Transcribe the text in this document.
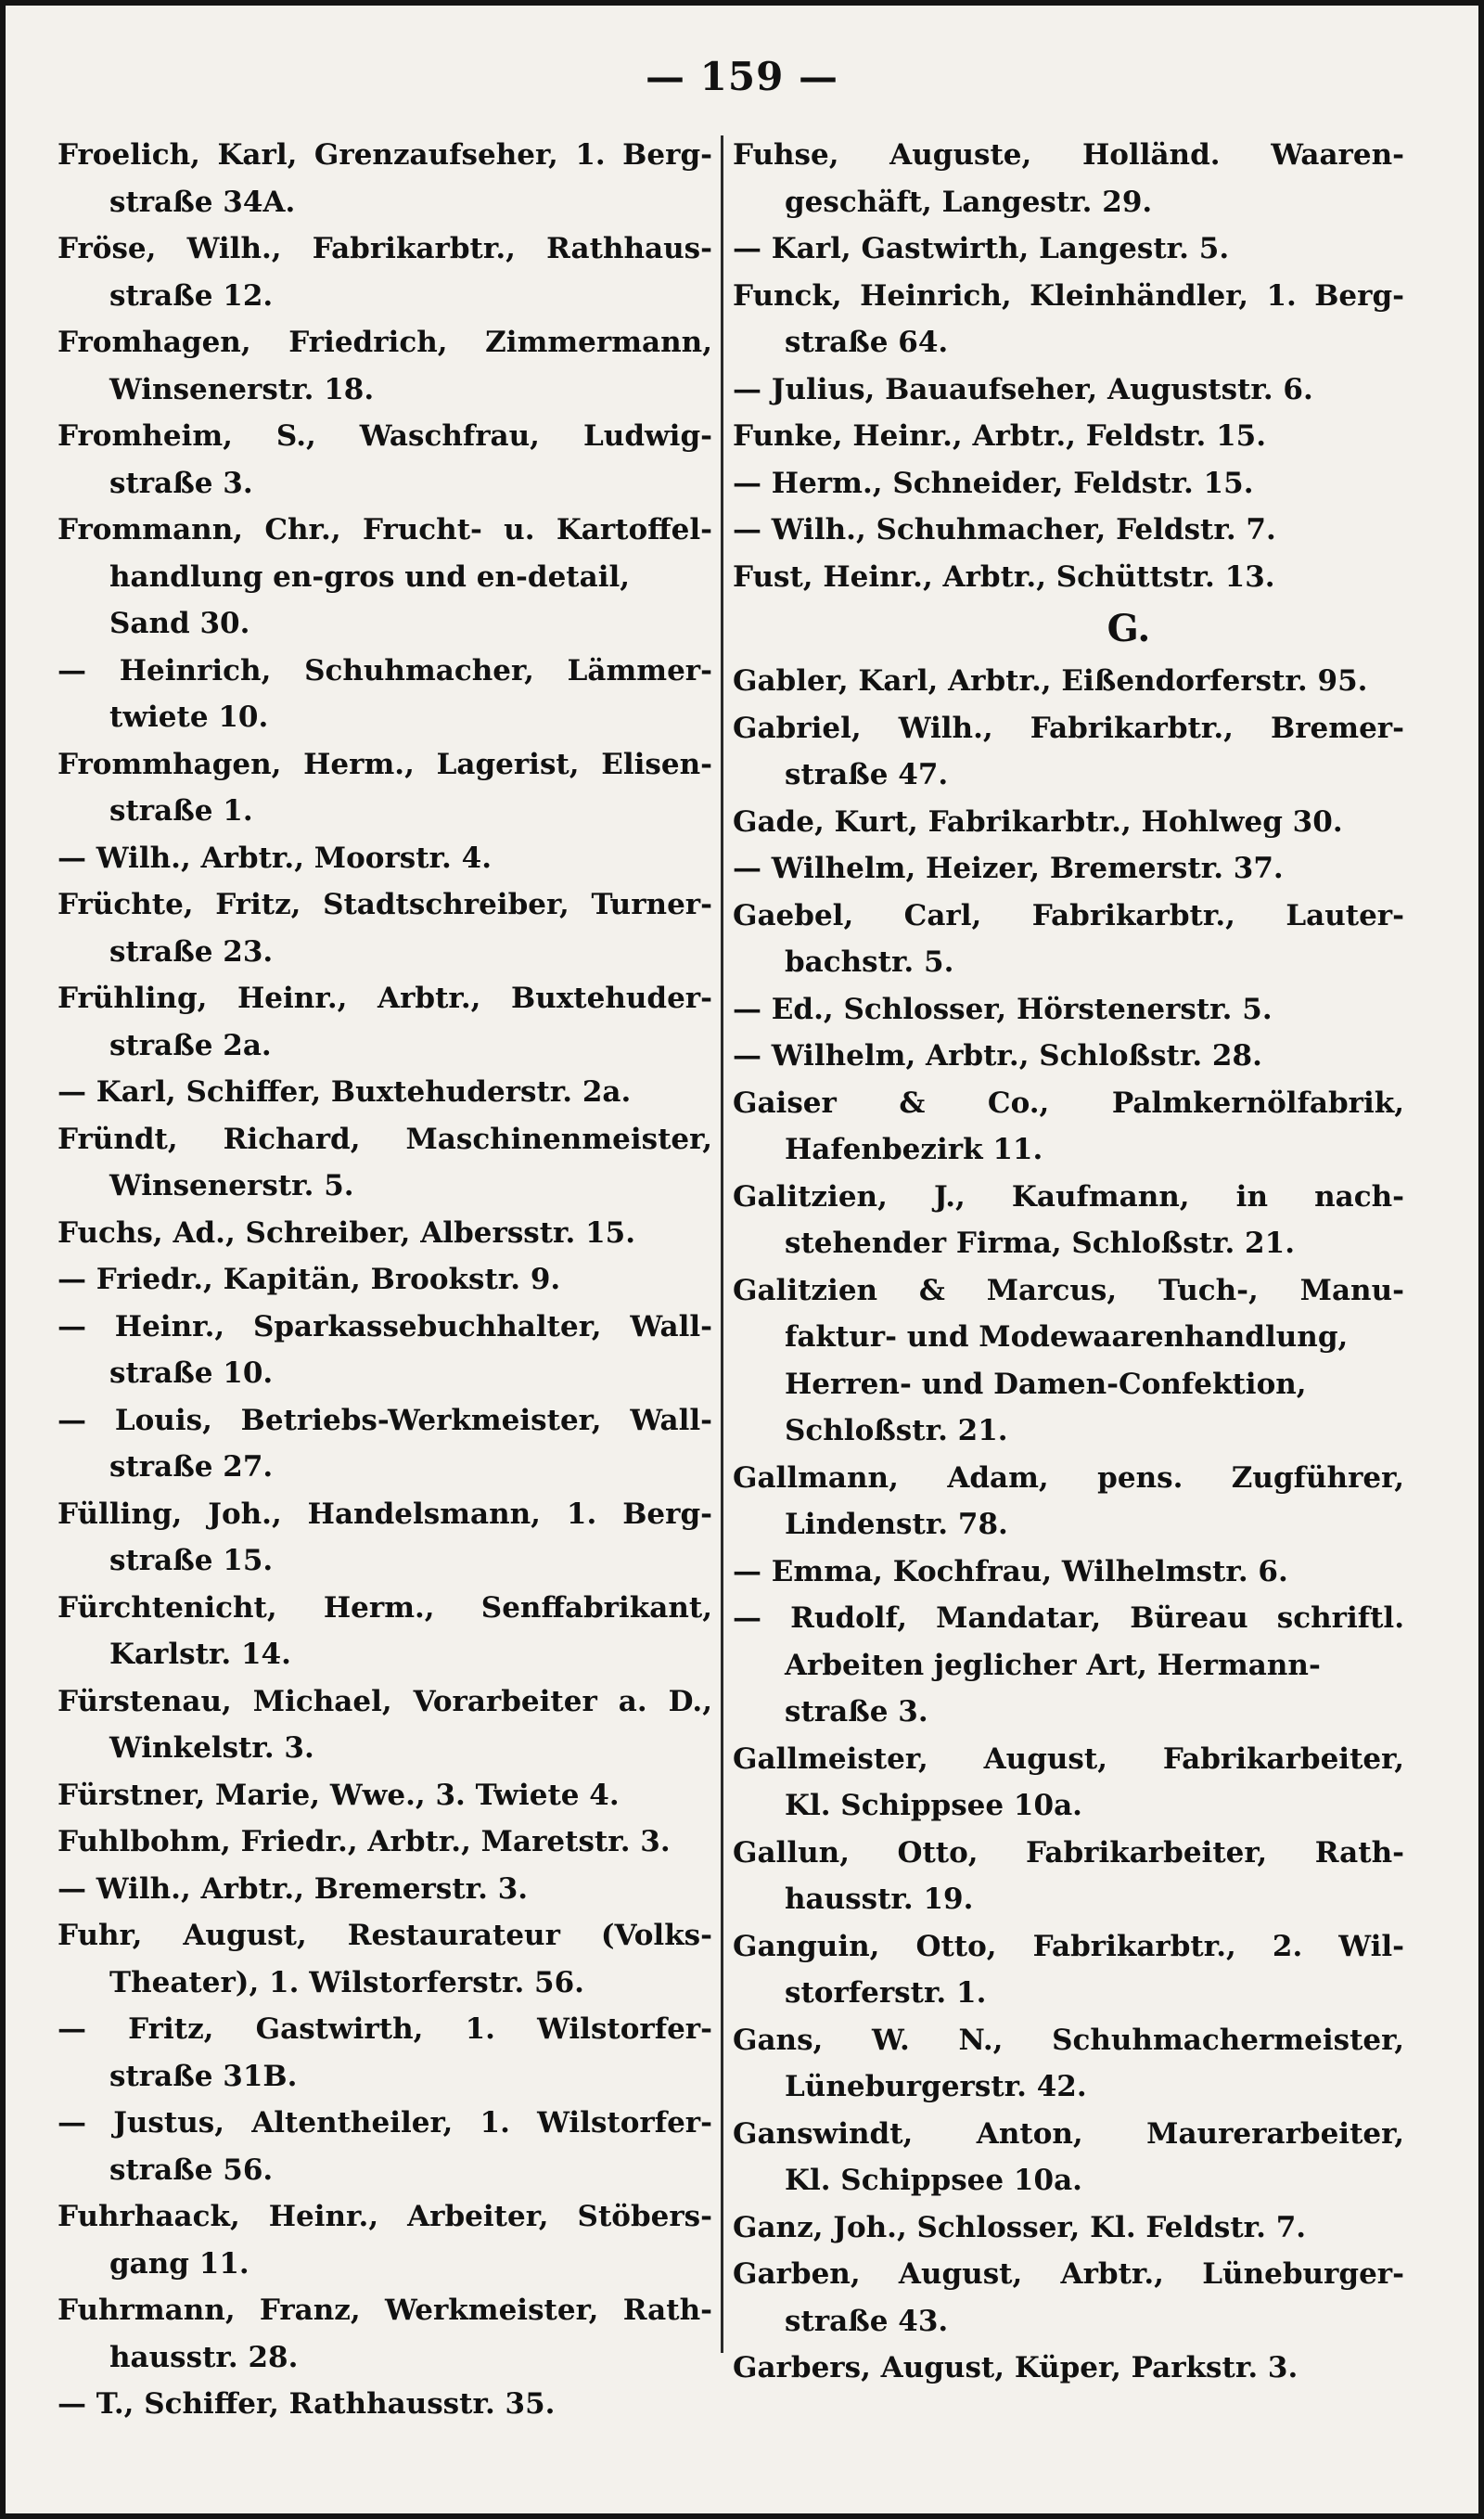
— 159 —
Froelich, Karl, Grenzaufseher, 1. Berg-
straße 34A.
Fröse, Wilh., Fabrikarbtr., Rathhaus-
straße 12.
Fromhagen, Friedrich, Zimmermann,
Winsenerstr. 18.
Fromheim, S., Waschfrau, Ludwig-
straße 3.
Frommann, Chr., Frucht- u. Kartoffel-
handlung en-gros und en-detail,
Sand 30.
— Heinrich, Schuhmacher, Lämmer-
twiete 10.
Frommhagen, Herm., Lagerist, Elisen-
straße 1.
— Wilh., Arbtr., Moorstr. 4.
Früchte, Fritz, Stadtschreiber, Turner-
straße 23.
Frühling, Heinr., Arbtr., Buxtehuder-
straße 2a.
— Karl, Schiffer, Buxtehuderstr. 2a.
Fründt, Richard, Maschinenmeister,
Winsenerstr. 5.
Fuchs, Ad., Schreiber, Albersstr. 15.
— Friedr., Kapitän, Brookstr. 9.
— Heinr., Sparkassebuchhalter, Wall-
straße 10.
— Louis, Betriebs-Werkmeister, Wall-
straße 27.
Fülling, Joh., Handelsmann, 1. Berg-
straße 15.
Fürchtenicht, Herm., Senffabrikant,
Karlstr. 14.
Fürstenau, Michael, Vorarbeiter a. D.,
Winkelstr. 3.
Fürstner, Marie, Wwe., 3. Twiete 4.
Fuhlbohm, Friedr., Arbtr., Maretstr. 3.
— Wilh., Arbtr., Bremerstr. 3.
Fuhr, August, Restaurateur (Volks-
Theater), 1. Wilstorferstr. 56.
— Fritz, Gastwirth, 1. Wilstorfer-
straße 31B.
— Justus, Altentheiler, 1. Wilstorfer-
straße 56.
Fuhrhaack, Heinr., Arbeiter, Stöbers-
gang 11.
Fuhrmann, Franz, Werkmeister, Rath-
hausstr. 28.
— T., Schiffer, Rathhausstr. 35.
Fuhse, Auguste, Holländ. Waaren-
geschäft, Langestr. 29.
— Karl, Gastwirth, Langestr. 5.
Funck, Heinrich, Kleinhändler, 1. Berg-
straße 64.
— Julius, Bauaufseher, Auguststr. 6.
Funke, Heinr., Arbtr., Feldstr. 15.
— Herm., Schneider, Feldstr. 15.
— Wilh., Schuhmacher, Feldstr. 7.
Fust, Heinr., Arbtr., Schüttstr. 13.
G.
Gabler, Karl, Arbtr., Eißendorferstr. 95.
Gabriel, Wilh., Fabrikarbtr., Bremer-
straße 47.
Gade, Kurt, Fabrikarbtr., Hohlweg 30.
— Wilhelm, Heizer, Bremerstr. 37.
Gaebel, Carl, Fabrikarbtr., Lauter-
bachstr. 5.
— Ed., Schlosser, Hörstenerstr. 5.
— Wilhelm, Arbtr., Schloßstr. 28.
Gaiser & Co., Palmkernölfabrik,
Hafenbezirk 11.
Galitzien, J., Kaufmann, in nach-
stehender Firma, Schloßstr. 21.
Galitzien & Marcus, Tuch-, Manu-
faktur- und Modewaarenhandlung,
Herren- und Damen-Confektion,
Schloßstr. 21.
Gallmann, Adam, pens. Zugführer,
Lindenstr. 78.
— Emma, Kochfrau, Wilhelmstr. 6.
— Rudolf, Mandatar, Büreau schriftl.
Arbeiten jeglicher Art, Hermann-
straße 3.
Gallmeister, August, Fabrikarbeiter,
Kl. Schippsee 10a.
Gallun, Otto, Fabrikarbeiter, Rath-
hausstr. 19.
Ganguin, Otto, Fabrikarbtr., 2. Wil-
storferstr. 1.
Gans, W. N., Schuhmachermeister,
Lüneburgerstr. 42.
Ganswindt, Anton, Maurerarbeiter,
Kl. Schippsee 10a.
Ganz, Joh., Schlosser, Kl. Feldstr. 7.
Garben, August, Arbtr., Lüneburger-
straße 43.
Garbers, August, Küper, Parkstr. 3.
